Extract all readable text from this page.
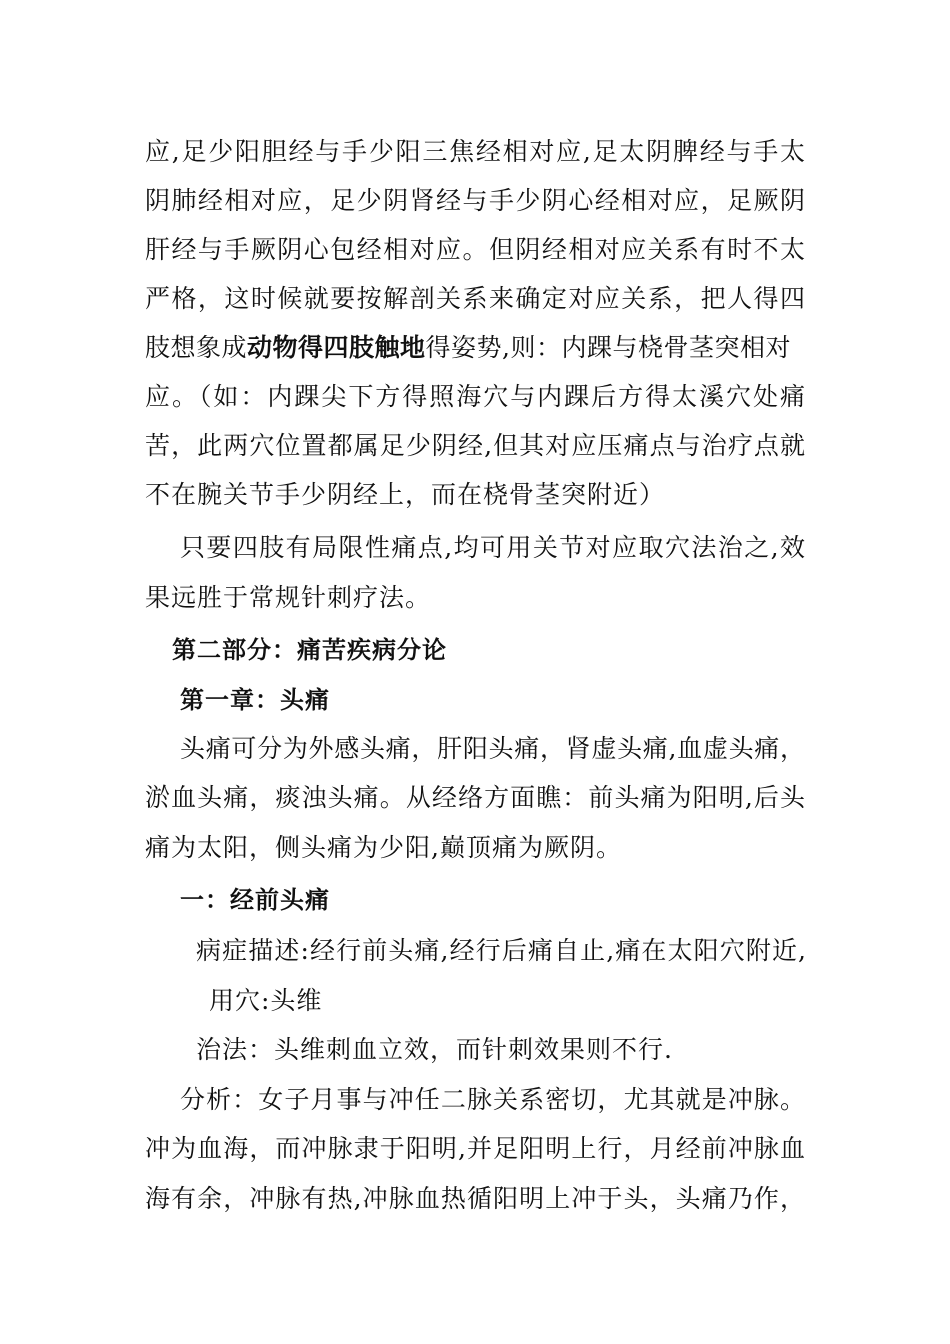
应,足少阳胆经与手少阳三焦经相对应,足太阴脾经与手太
阴肺经相对应，足少阴肾经与手少阴心经相对应，足厥阴
肝经与手厥阴心包经相对应。但阴经相对应关系有时不太
严格，这时候就要按解剖关系来确定对应关系，把人得四
肢想象成动物得四肢触地得姿势,则：内踝与桡骨茎突相对
应。（如：内踝尖下方得照海穴与内踝后方得太溪穴处痛
苦，此两穴位置都属足少阴经,但其对应压痛点与治疗点就
不在腕关节手少阴经上，而在桡骨茎突附近）
只要四肢有局限性痛点,均可用关节对应取穴法治之,效
果远胜于常规针刺疗法。
第二部分：痛苦疾病分论
第一章：头痛
头痛可分为外感头痛，肝阳头痛，肾虚头痛,血虚头痛，
淤血头痛，痰浊头痛。从经络方面瞧：前头痛为阳明,后头
痛为太阳，侧头痛为少阳,巅顶痛为厥阴。
一：经前头痛
病症描述:经行前头痛,经行后痛自止,痛在太阳穴附近,
用穴:头维
治法：头维刺血立效，而针刺效果则不行.
分析：女子月事与冲任二脉关系密切，尤其就是冲脉。
冲为血海，而冲脉隶于阳明,并足阳明上行，月经前冲脉血
海有余，冲脉有热,冲脉血热循阳明上冲于头，头痛乃作，
